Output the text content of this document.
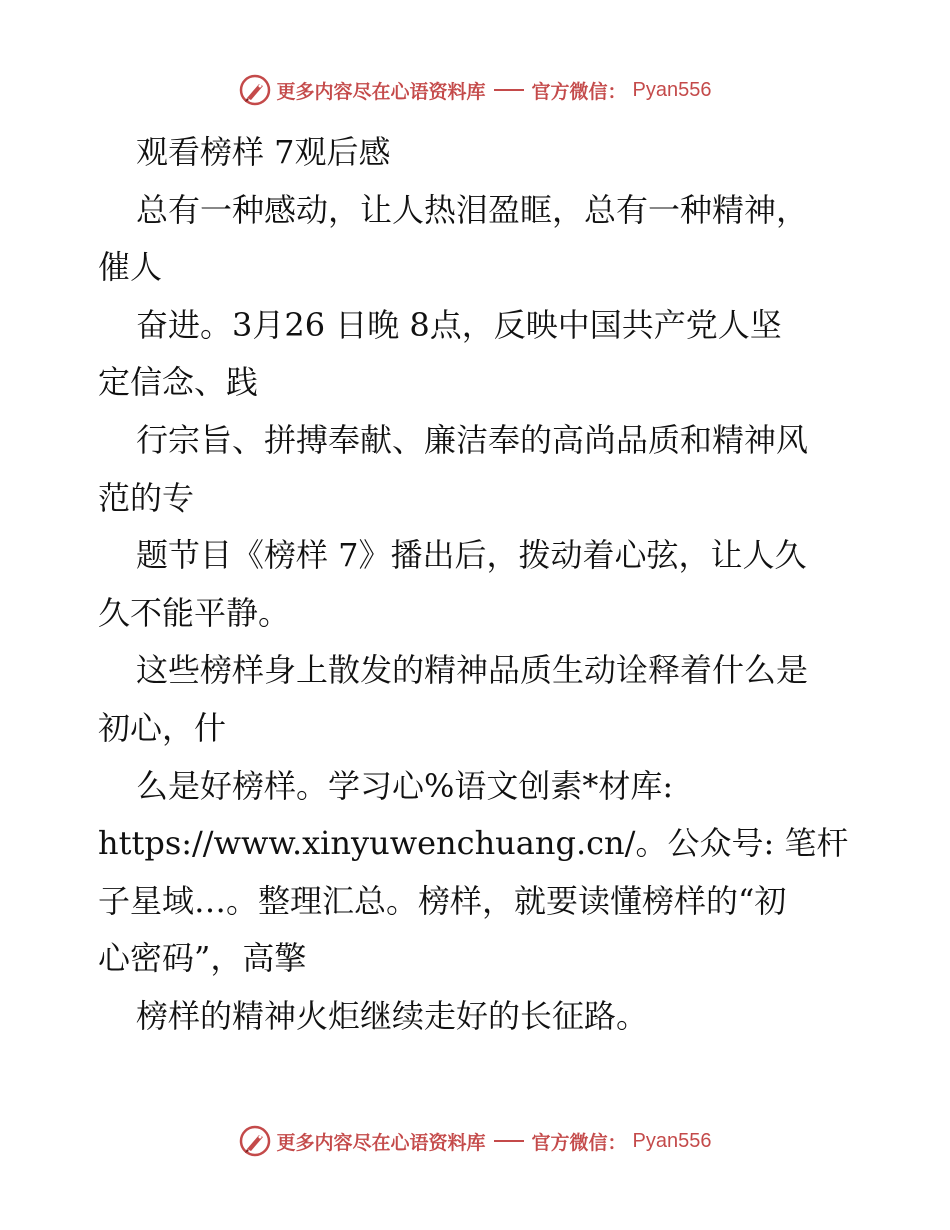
更多内容尽在心语资料库 官方微信： Pyan556
观看榜样 7观后感
总有一种感动，让人热泪盈眶，总有一种精神，
催人
奋进。3月26 日晚 8点，反映中国共产党人坚
定信念、践
行宗旨、拼搏奉献、廉洁奉的高尚品质和精神风
范的专
题节目《榜样 7》播出后，拨动着心弦，让人久
久不能平静。
这些榜样身上散发的精神品质生动诠释着什么是
初心，什
么是好榜样。学习心%语文创素*材库:
https://www.xinyuwenchuang.cn/。公众号: 笔杆
子星域…。整理汇总。榜样，就要读懂榜样的“初
心密码”，高擎
榜样的精神火炬继续走好的长征路。
更多内容尽在心语资料库 官方微信： Pyan556
